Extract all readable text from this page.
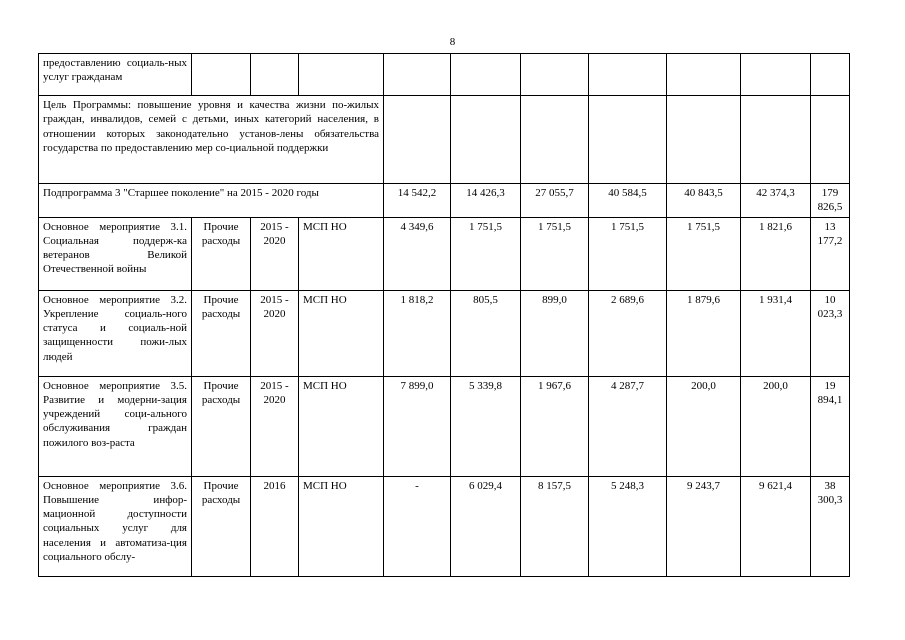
8
предоставлению социаль-ных услуг гражданам										
Цель Программы: повышение уровня и качества жизни по-жилых граждан, инвалидов, семей с детьми, иных категорий населения, в отношении которых законодательно установ-лены обязательства государства по предоставлению мер со-циальной поддержки										
Подпрограмма 3 "Старшее поколение" на 2015 - 2020 годы				14 542,2	14 426,3	27 055,7	40 584,5	40 843,5	42 374,3	179 826,5
Основное мероприятие 3.1. Социальная поддерж-ка ветеранов Великой Отечественной войны	Прочие расходы	2015 - 2020	МСП НО	4 349,6	1 751,5	1 751,5	1 751,5	1 751,5	1 821,6	13 177,2
Основное мероприятие 3.2. Укрепление социаль-ного статуса и социаль-ной защищенности пожи-лых людей	Прочие расходы	2015 - 2020	МСП НО	1 818,2	805,5	899,0	2 689,6	1 879,6	1 931,4	10 023,3
Основное мероприятие 3.5. Развитие и модерни-зация учреждений соци-ального обслуживания граждан пожилого воз-раста	Прочие расходы	2015 - 2020	МСП НО	7 899,0	5 339,8	1 967,6	4 287,7	200,0	200,0	19 894,1
Основное мероприятие 3.6. Повышение инфор-мационной доступности социальных услуг для населения и автоматиза-ция социального обслу-	Прочие расходы	2016	МСП НО	-	6 029,4	8 157,5	5 248,3	9 243,7	9 621,4	38 300,3
